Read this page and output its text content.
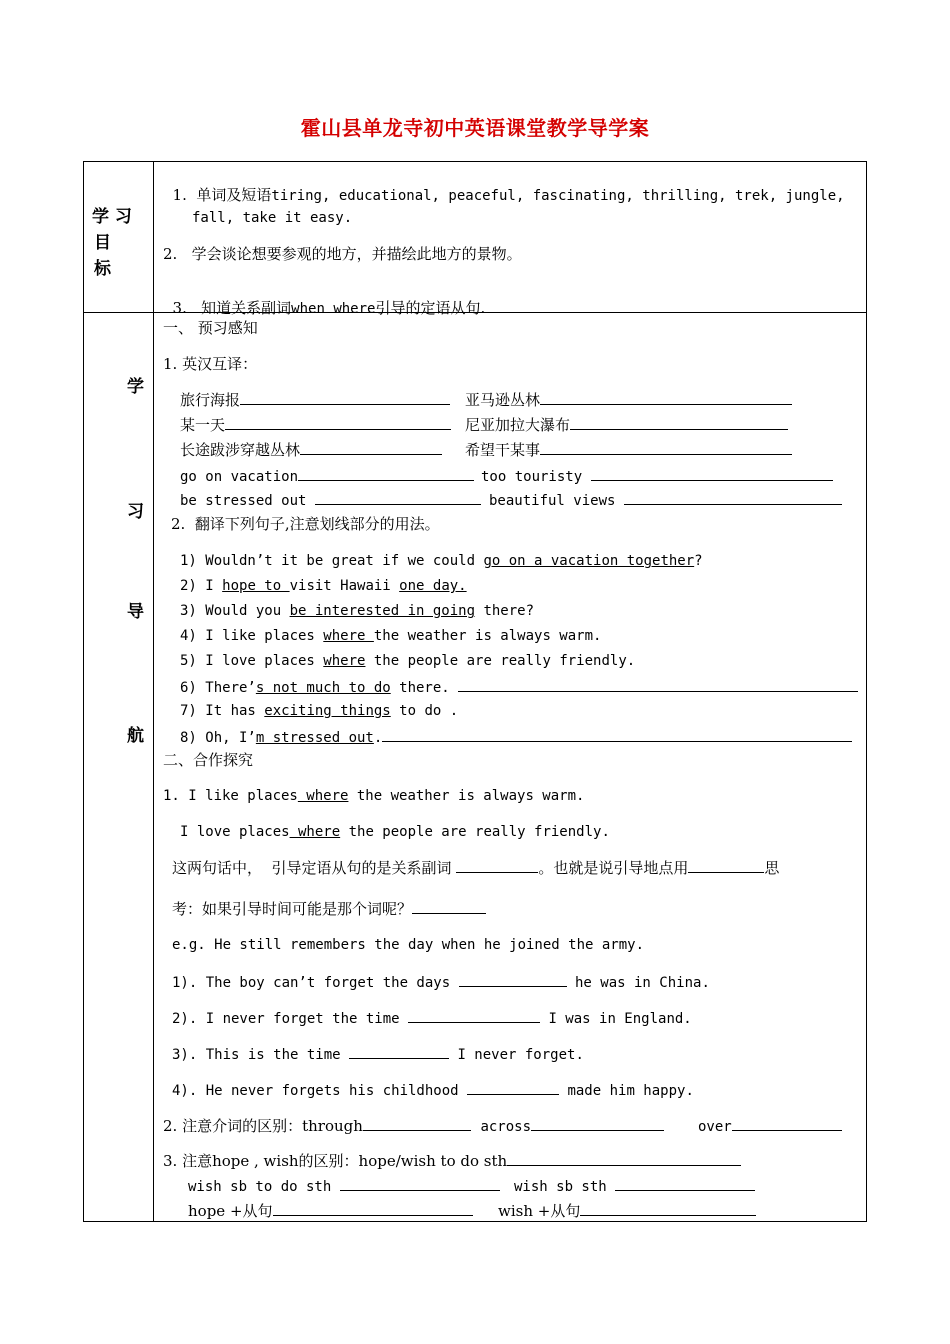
霍山县单龙寺初中英语课堂教学导学案
学 习
目
标

1.  单词及短语tiring, educational, peaceful, fascinating, thrilling, trek, jungle,

fall, take it easy.
2.   学会谈论想要参观的地方，并描绘此地方的景物。

3.   知道关系副词when where引导的定语从句.

学
习
导
航
一、 预习感知
1. 英汉互译：
旅行海报	亚马逊丛林
某一天	尼亚加拉大瀑布
长途跋涉穿越丛林	希望干某事
go on vacation	too touristy
be stressed out	beautiful views
2.  翻译下列句子,注意划线部分的用法。
1) Wouldn’t it be great if we could go on a vacation together?
2) I hope to visit Hawaii one day.
3) Would you be interested in going there?
4) I like places where the weather is always warm.
5) I love places where the people are really friendly.
6) There’s not much to do there.
7) It has exciting things to do .
8) Oh, I’m stressed out.
二、合作探究
1. I like places where the weather is always warm.
I love places where the people are really friendly.
这两句话中，  引导定语从句的是关系副词	。也就是说引导地点用	思
考：如果引导时间可能是那个词呢？
e.g. He still remembers the day when he joined the army.
1). The boy can’t forget the days	he was in China.
2). I never forget the time	I was in England.
3). This is the time	I never forget.
4). He never forgets his childhood	made him happy.
2. 注意介词的区别：through	across	over
3. 注意hope , wish的区别：hope/wish to do sth
wish sb to do sth	wish sb sth
hope +从句	wish +从句
